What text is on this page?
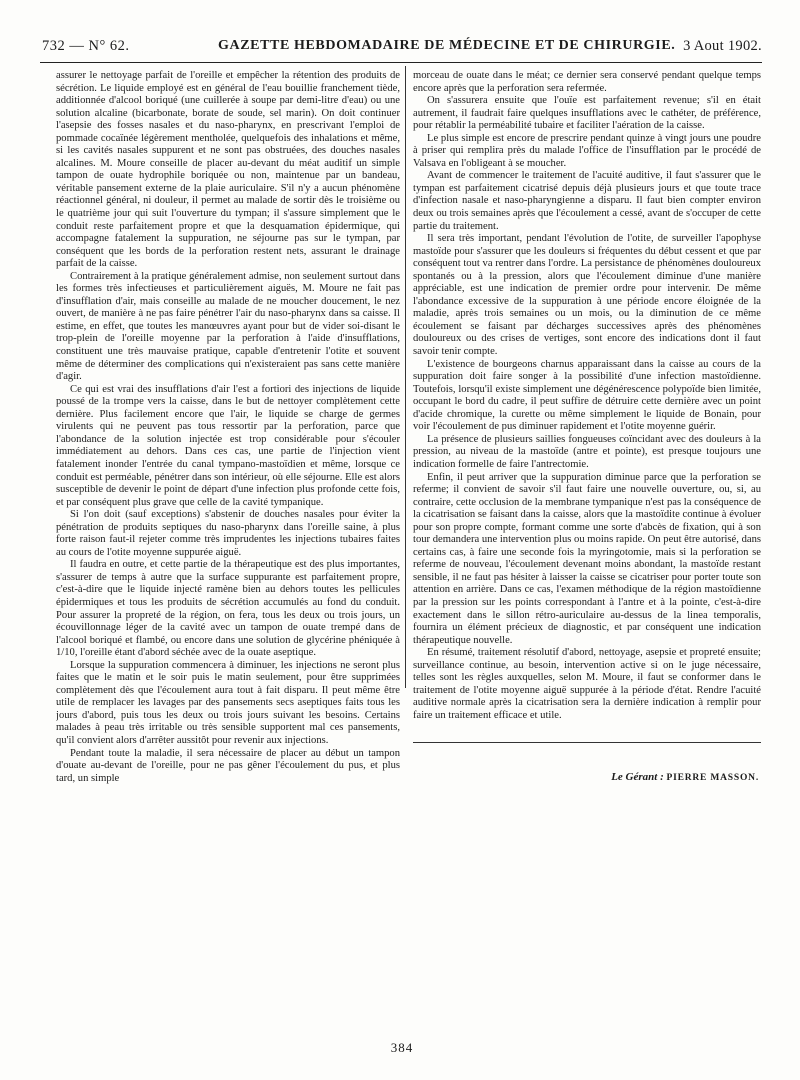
732 — N° 62.	GAZETTE HEBDOMADAIRE DE MÉDECINE ET DE CHIRURGIE. 3 Aout 1902.

assurer le nettoyage parfait de l'oreille et empêcher la rétention des produits de sécrétion. Le liquide employé est en général de l'eau bouillie franchement tiède, additionnée d'alcool boriqué (une cuillerée à soupe par demi-litre d'eau) ou une solution alcaline (bicarbonate, borate de soude, sel marin). On doit continuer l'asepsie des fosses nasales et du naso-pharynx, en prescrivant l'emploi de pommade cocaïnée légèrement mentholée, quelquefois des inhalations et même, si les cavités nasales suppurent et ne sont pas obstruées, des douches nasales alcalines. M. Moure conseille de placer au-devant du méat auditif un simple tampon de ouate hydrophile boriquée ou non, maintenue par un bandeau, véritable pansement externe de la plaie auriculaire. S'il n'y a aucun phénomène réactionnel général, ni douleur, il permet au malade de sortir dès le troisième ou le quatrième jour qui suit l'ouverture du tympan; il s'assure simplement que le conduit reste parfaitement propre et que la desquamation épidermique, qui accompagne fatalement la suppuration, ne séjourne pas sur le tympan, par conséquent que les bords de la perforation restent nets, assurant le drainage parfait de la caisse.

Contrairement à la pratique généralement admise, non seulement surtout dans les formes très infectieuses et particulièrement aiguës, M. Moure ne fait pas d'insufflation d'air, mais conseille au malade de ne moucher doucement, le nez ouvert, de manière à ne pas faire pénétrer l'air du naso-pharynx dans sa caisse. Il estime, en effet, que toutes les manœuvres ayant pour but de vider soi-disant le trop-plein de l'oreille moyenne par la perforation à l'aide d'insufflations, constituent une très mauvaise pratique, capable d'entretenir l'otite et souvent même de déterminer des complications qui n'existeraient pas sans cette manière d'agir.

Ce qui est vrai des insufflations d'air l'est a fortiori des injections de liquide poussé de la trompe vers la caisse, dans le but de nettoyer complètement cette dernière. Plus facilement encore que l'air, le liquide se charge de germes virulents qui ne peuvent pas tous ressortir par la perforation, parce que l'abondance de la solution injectée est trop considérable pour s'écouler immédiatement au dehors. Dans ces cas, une partie de l'injection vient fatalement inonder l'entrée du canal tympano-mastoïdien et même, lorsque ce conduit est perméable, pénétrer dans son intérieur, où elle séjourne. Elle est alors susceptible de devenir le point de départ d'une infection plus profonde cette fois, et par conséquent plus grave que celle de la cavité tympanique.

Si l'on doit (sauf exceptions) s'abstenir de douches nasales pour éviter la pénétration de produits septiques du naso-pharynx dans l'oreille saine, à plus forte raison faut-il rejeter comme très imprudentes les injections tubaires faites au cours de l'otite moyenne suppurée aiguë.

Il faudra en outre, et cette partie de la thérapeutique est des plus importantes, s'assurer de temps à autre que la surface suppurante est parfaitement propre, c'est-à-dire que le liquide injecté ramène bien au dehors toutes les pellicules épidermiques et tous les produits de sécrétion accumulés au fond du conduit. Pour assurer la propreté de la région, on fera, tous les deux ou trois jours, un écouvillonnage léger de la cavité avec un tampon de ouate trempé dans de l'alcool boriqué et flambé, ou encore dans une solution de glycérine phéniquée à 1/10, l'oreille étant d'abord séchée avec de la ouate aseptique.

Lorsque la suppuration commencera à diminuer, les injections ne seront plus faites que le matin et le soir puis le matin seulement, pour être supprimées complètement dès que l'écoulement aura tout à fait disparu. Il peut même être utile de remplacer les lavages par des pansements secs aseptiques faits tous les jours d'abord, puis tous les deux ou trois jours suivant les besoins. Certains malades à peau très irritable ou très sensible supportent mal ces pansements, qu'il convient alors d'arrêter aussitôt pour revenir aux injections.

Pendant toute la maladie, il sera nécessaire de placer au début un tampon d'ouate au-devant de l'oreille, pour ne pas gêner l'écoulement du pus, et plus tard, un simple

morceau de ouate dans le méat; ce dernier sera conservé pendant quelque temps encore après que la perforation sera refermée.

On s'assurera ensuite que l'ouïe est parfaitement revenue; s'il en était autrement, il faudrait faire quelques insufflations avec le cathéter, de préférence, pour rétablir la perméabilité tubaire et faciliter l'aération de la caisse.

Le plus simple est encore de prescrire pendant quinze à vingt jours une poudre à priser qui remplira près du malade l'office de l'insufflation par le procédé de Valsava en l'obligeant à se moucher.

Avant de commencer le traitement de l'acuité auditive, il faut s'assurer que le tympan est parfaitement cicatrisé depuis déjà plusieurs jours et que toute trace d'infection nasale et naso-pharyngienne a disparu. Il faut bien compter environ deux ou trois semaines après que l'écoulement a cessé, avant de s'occuper de cette partie du traitement.

Il sera très important, pendant l'évolution de l'otite, de surveiller l'apophyse mastoïde pour s'assurer que les douleurs si fréquentes du début cessent et que par conséquent tout va rentrer dans l'ordre. La persistance de phénomènes douloureux spontanés ou à la pression, alors que l'écoulement diminue d'une manière appréciable, est une indication de premier ordre pour intervenir. De même l'abondance excessive de la suppuration à une période encore éloignée de la maladie, après trois semaines ou un mois, ou la diminution de ce même écoulement se faisant par décharges successives après des phénomènes douloureux ou des crises de vertiges, sont encore des indications dont il faut savoir tenir compte.

L'existence de bourgeons charnus apparaissant dans la caisse au cours de la suppuration doit faire songer à la possibilité d'une infection mastoïdienne. Toutefois, lorsqu'il existe simplement une dégénérescence polypoïde bien limitée, occupant le bord du cadre, il peut suffire de détruire cette dernière avec un point d'acide chromique, la curette ou même simplement le liquide de Bonain, pour voir l'écoulement de pus diminuer rapidement et l'otite moyenne guérir.

La présence de plusieurs saillies fongueuses coïncidant avec des douleurs à la pression, au niveau de la mastoïde (antre et pointe), est presque toujours une indication formelle de faire l'antrectomie.

Enfin, il peut arriver que la suppuration diminue parce que la perforation se referme; il convient de savoir s'il faut faire une nouvelle ouverture, ou, si, au contraire, cette occlusion de la membrane tympanique n'est pas la conséquence de la cicatrisation se faisant dans la caisse, alors que la mastoïdite continue à évoluer pour son propre compte, formant comme une sorte d'abcès de fixation, qui à son tour demandera une intervention plus ou moins rapide. On peut être autorisé, dans certains cas, à faire une seconde fois la myringotomie, mais si la perforation se referme de nouveau, l'écoulement devenant moins abondant, la mastoïde restant sensible, il ne faut pas hésiter à laisser la caisse se cicatriser pour porter toute son attention en arrière. Dans ce cas, l'examen méthodique de la région mastoïdienne par la pression sur les points correspondant à l'antre et à la pointe, c'est-à-dire exactement dans le sillon rétro-auriculaire au-dessus de la linea temporalis, fournira un élément précieux de diagnostic, et par conséquent une indication thérapeutique nouvelle.

En résumé, traitement résolutif d'abord, nettoyage, asepsie et propreté ensuite; surveillance continue, au besoin, intervention active si on le juge nécessaire, telles sont les règles auxquelles, selon M. Moure, il faut se conformer dans le traitement de l'otite moyenne aiguë suppurée à la période d'état. Rendre l'acuité auditive normale après la cicatrisation sera la dernière indication à remplir pour faire un traitement efficace et utile.

Le Gérant : PIERRE MASSON.
384
